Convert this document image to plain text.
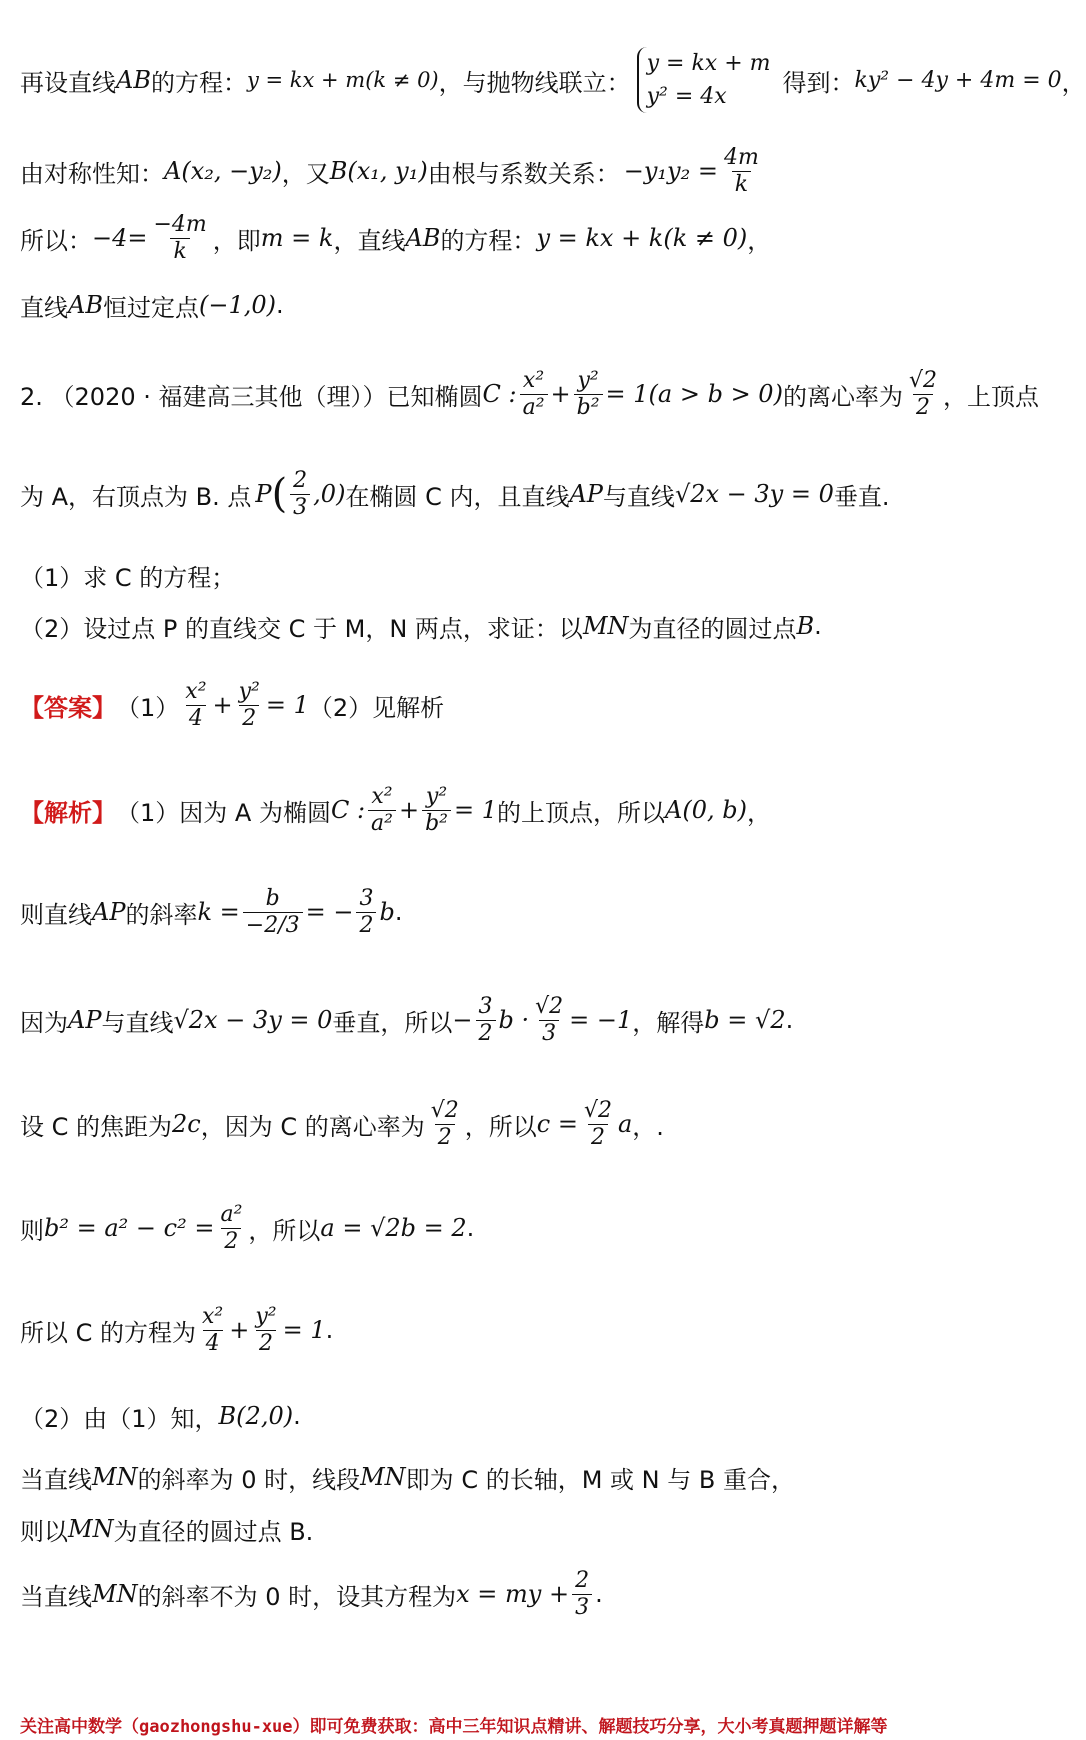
再设直线 AB 的方程： y = kx + m(k ≠ 0) ，与抛物线联立：
y = kx + m
y² = 4x	得到： ky² − 4y + 4m = 0 ，
由对称性知： A(x₂, −y₂) ，又 B(x₁, y₁) 由根与系数关系： $-y_1y_2 = \frac{4m}{k}$
所以： $-4= \frac{-4m}{k}$ ，即 m = k ，直线 AB 的方程： y = kx + k(k ≠ 0) ，
直线 AB 恒过定点 (−1,0) .
2. （2020 · 福建高三其他（理））已知椭圆 C : $\frac{\text{x²}}{\text{a²}} + \frac{\text{y²}}{\text{b²}} = 1(a > b > 0)$ 的离心率为 $\frac{√2}{2}$ ，上顶点
为 A，右顶点为 B. 点 P ( $\frac{2}{3} ,0$) 在椭圆 C 内，且直线 AP 与直线 √2x − 3y = 0 垂直.
（1）求 C 的方程；
（2）设过点 P 的直线交 C 于 M，N 两点，求证：以 MN 为直径的圆过点 B .
【答案】 $(1) \frac{\text{x²}}{4} + \frac{\text{y²}}{2} = 1$ （2）见解析
【解析】 （1）因为 A 为椭圆 C : $\frac{\text{x²}}{\text{a²}} + \frac{\text{y²}}{\text{b²}} = 1$ 的上顶点，所以 A(0, b) ，
则直线 AP 的斜率 $k = \frac{b}{-2/3}$ = − $\frac{3}{2}$ b .
因为 AP 与直线 √2x − 3y = 0 垂直，所以 − $\frac{3}{2}$ $b \cdot \frac{√2}{3} = -1$ ，解得 b = √2 .
设 C 的焦距为 2c ，因为 C 的离心率为 $\frac{√2}{2}$ ，所以 $c = \frac{√2}{2}$ a ，.
则 $b^2 = a^2 - c^2 = \frac{\text{a²}}{2}$ ，所以 a = √2b = 2 .
所以 C 的方程为 $\frac{\text{x²}}{4} + \frac{\text{y²}}{2} = 1$ .
（2）由（1）知， B(2,0) .
当直线 MN 的斜率为 0 时，线段 MN 即为 C 的长轴，M 或 N 与 B 重合，
则以 MN 为直径的圆过点 B.
当直线 MN 的斜率不为 0 时，设其方程为 x = my + $\frac{2}{3}$ .
关注高中数学（gaozhongshu-xue）即可免费获取：高中三年知识点精讲、解题技巧分享，大小考真题押题详解等
